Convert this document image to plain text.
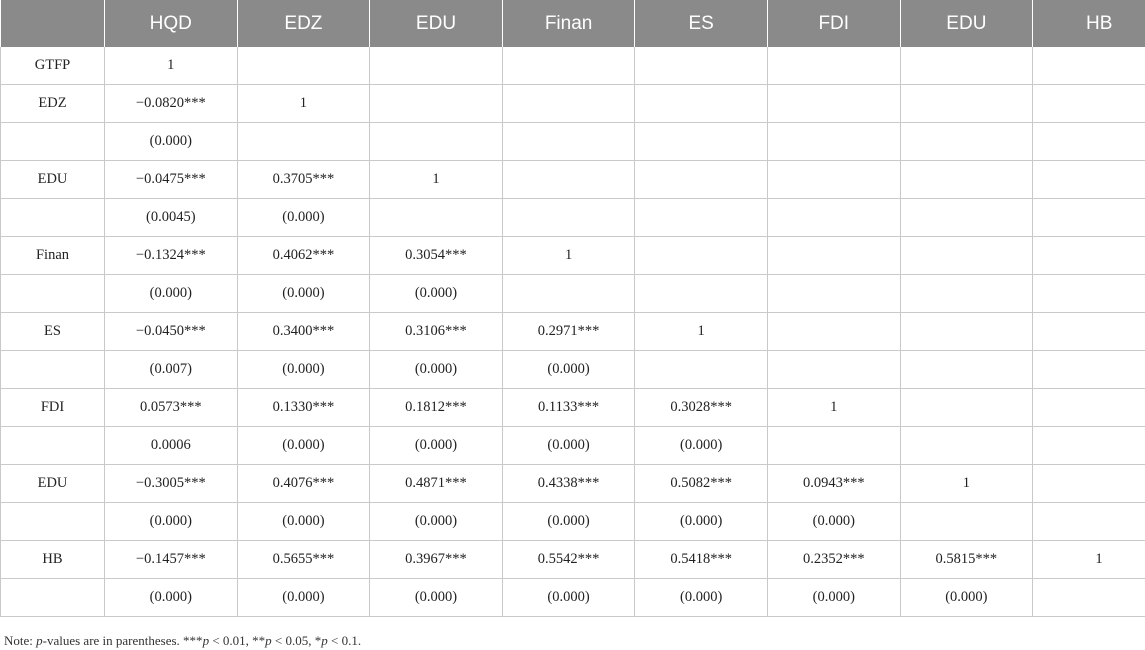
	HQD	EDZ	EDU	Finan	ES	FDI	EDU	HB
GTFP	1							
EDZ	−0.0820***	1						
	(0.000)							
EDU	−0.0475***	0.3705***	1					
	(0.0045)	(0.000)						
Finan	−0.1324***	0.4062***	0.3054***	1				
	(0.000)	(0.000)	(0.000)					
ES	−0.0450***	0.3400***	0.3106***	0.2971***	1			
	(0.007)	(0.000)	(0.000)	(0.000)				
FDI	0.0573***	0.1330***	0.1812***	0.1133***	0.3028***	1		
	0.0006	(0.000)	(0.000)	(0.000)	(0.000)			
EDU	−0.3005***	0.4076***	0.4871***	0.4338***	0.5082***	0.0943***	1	
	(0.000)	(0.000)	(0.000)	(0.000)	(0.000)	(0.000)		
HB	−0.1457***	0.5655***	0.3967***	0.5542***	0.5418***	0.2352***	0.5815***	1
	(0.000)	(0.000)	(0.000)	(0.000)	(0.000)	(0.000)	(0.000)	
Note: p-values are in parentheses. ***p < 0.01, **p < 0.05, *p < 0.1.
